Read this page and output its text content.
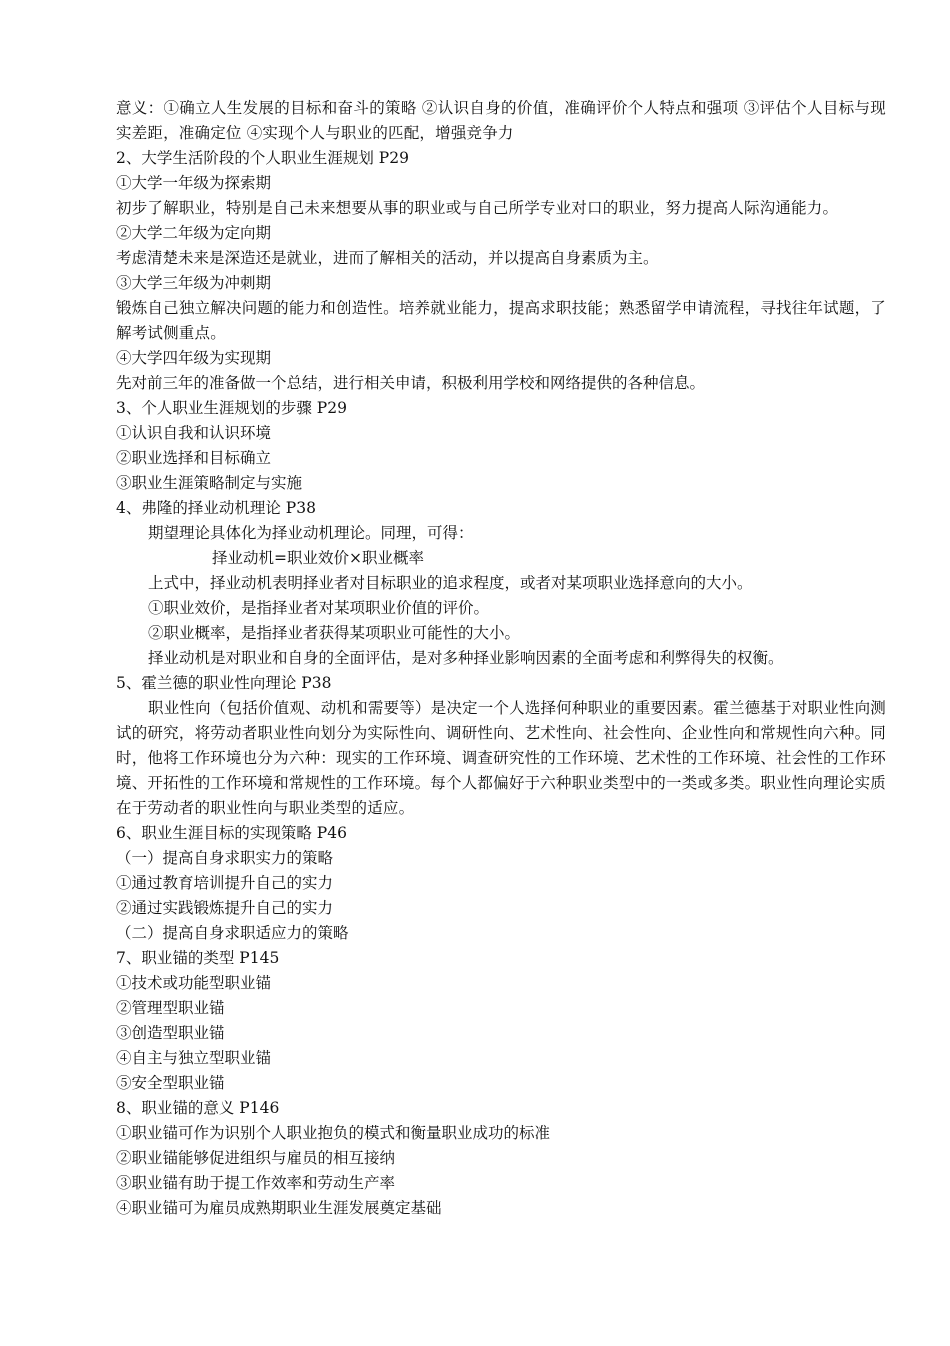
意义：①确立人生发展的目标和奋斗的策略 ②认识自身的价值，准确评价个人特点和强项 ③评估个人目标与现实差距，准确定位 ④实现个人与职业的匹配，增强竞争力
2、大学生活阶段的个人职业生涯规划 P29
①大学一年级为探索期
初步了解职业，特别是自己未来想要从事的职业或与自己所学专业对口的职业，努力提高人际沟通能力。
②大学二年级为定向期
考虑清楚未来是深造还是就业，进而了解相关的活动，并以提高自身素质为主。
③大学三年级为冲刺期
锻炼自己独立解决问题的能力和创造性。培养就业能力，提高求职技能；熟悉留学申请流程，寻找往年试题，了解考试侧重点。
④大学四年级为实现期
先对前三年的准备做一个总结，进行相关申请，积极利用学校和网络提供的各种信息。
3、个人职业生涯规划的步骤 P29
①认识自我和认识环境
②职业选择和目标确立
③职业生涯策略制定与实施
4、弗隆的择业动机理论 P38
期望理论具体化为择业动机理论。同理，可得：
择业动机=职业效价×职业概率
上式中，择业动机表明择业者对目标职业的追求程度，或者对某项职业选择意向的大小。
①职业效价，是指择业者对某项职业价值的评价。
②职业概率，是指择业者获得某项职业可能性的大小。
择业动机是对职业和自身的全面评估，是对多种择业影响因素的全面考虑和利弊得失的权衡。
5、霍兰德的职业性向理论 P38
职业性向（包括价值观、动机和需要等）是决定一个人选择何种职业的重要因素。霍兰德基于对职业性向测试的研究，将劳动者职业性向划分为实际性向、调研性向、艺术性向、社会性向、企业性向和常规性向六种。同时，他将工作环境也分为六种：现实的工作环境、调查研究性的工作环境、艺术性的工作环境、社会性的工作环境、开拓性的工作环境和常规性的工作环境。每个人都偏好于六种职业类型中的一类或多类。职业性向理论实质在于劳动者的职业性向与职业类型的适应。
6、职业生涯目标的实现策略 P46
（一）提高自身求职实力的策略
①通过教育培训提升自己的实力
②通过实践锻炼提升自己的实力
（二）提高自身求职适应力的策略
7、职业锚的类型 P145
①技术或功能型职业锚
②管理型职业锚
③创造型职业锚
④自主与独立型职业锚
⑤安全型职业锚
8、职业锚的意义 P146
①职业锚可作为识别个人职业抱负的模式和衡量职业成功的标准
②职业锚能够促进组织与雇员的相互接纳
③职业锚有助于提工作效率和劳动生产率
④职业锚可为雇员成熟期职业生涯发展奠定基础
